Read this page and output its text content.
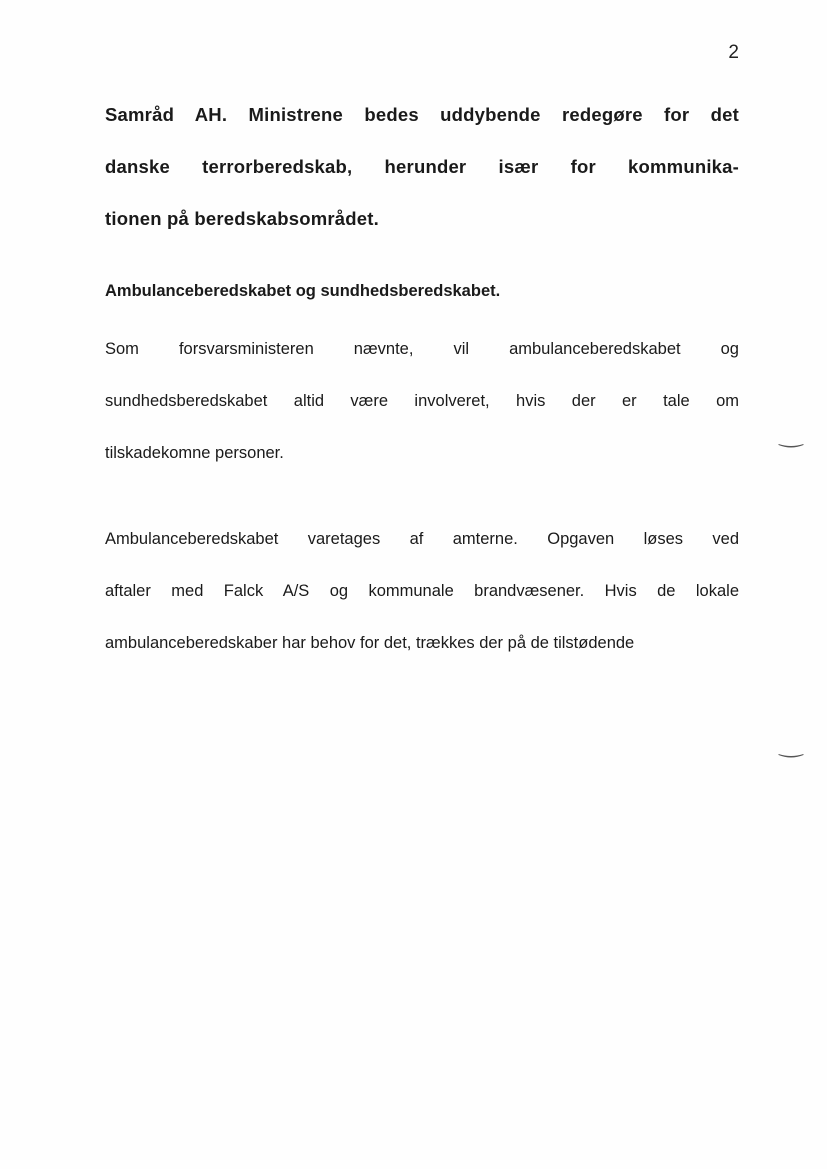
2
Samråd AH. Ministrene bedes uddybende redegøre for det
danske terrorberedskab, herunder især for kommunika-
tionen på beredskabsområdet.
Ambulanceberedskabet og sundhedsberedskabet.
Som forsvarsministeren nævnte, vil ambulanceberedskabet og
sundhedsberedskabet altid være involveret, hvis der er tale om
tilskadekomne personer.
Ambulanceberedskabet varetages af amterne. Opgaven løses ved
aftaler med Falck A/S og kommunale brandvæsener. Hvis de lokale
ambulanceberedskaber har behov for det, trækkes der på de tilstødende
‿
‿
